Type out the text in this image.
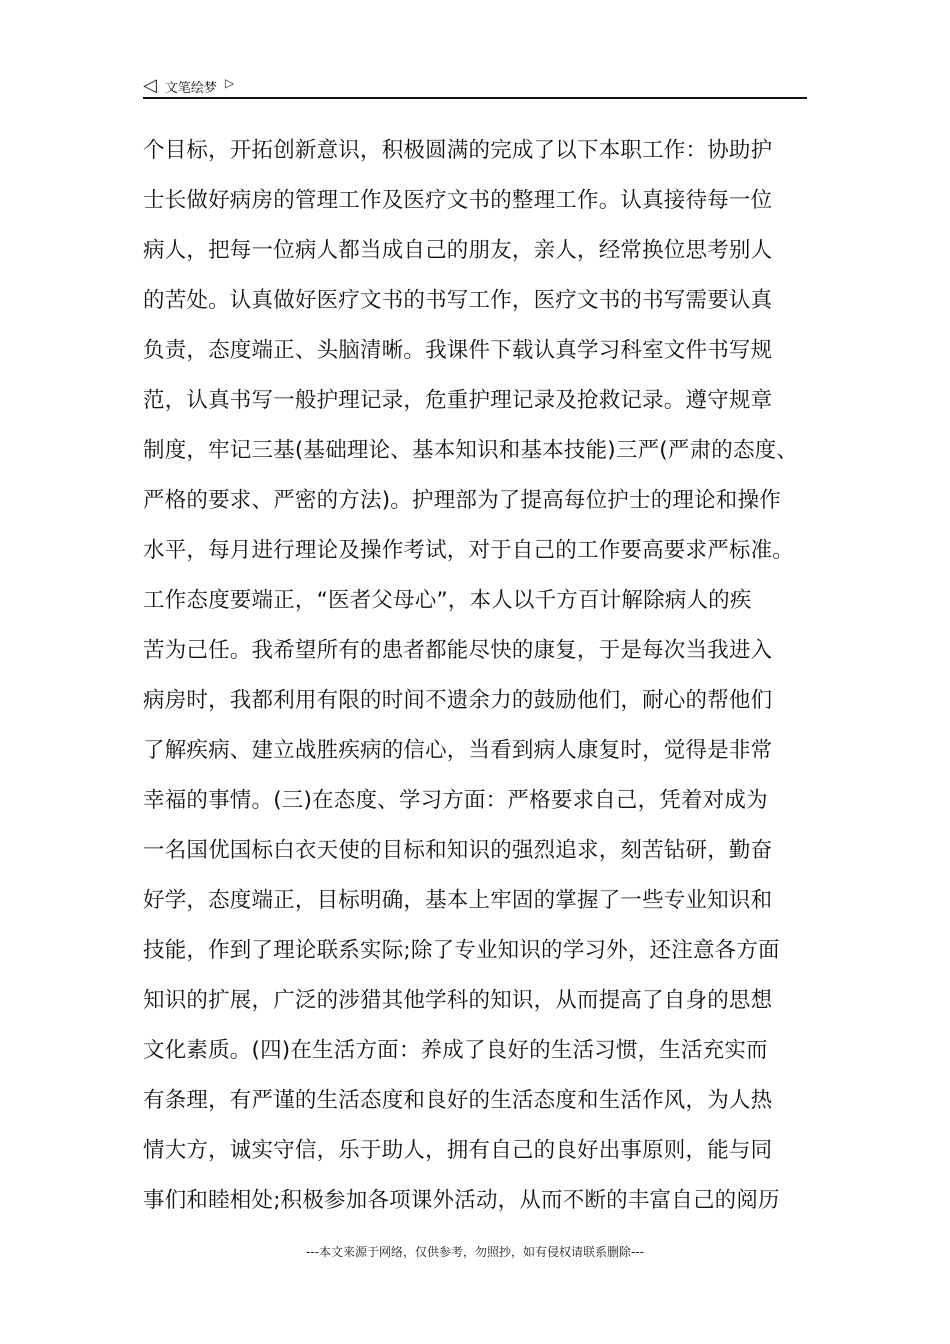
◁ 文笔绘梦 ▷
个目标，开拓创新意识，积极圆满的完成了以下本职工作：协助护
士长做好病房的管理工作及医疗文书的整理工作。认真接待每一位
病人，把每一位病人都当成自己的朋友，亲人，经常换位思考别人
的苦处。认真做好医疗文书的书写工作，医疗文书的书写需要认真
负责，态度端正、头脑清晰。我课件下载认真学习科室文件书写规
范，认真书写一般护理记录，危重护理记录及抢救记录。遵守规章
制度，牢记三基(基础理论、基本知识和基本技能)三严(严肃的态度、
严格的要求、严密的方法)。护理部为了提高每位护士的理论和操作
水平，每月进行理论及操作考试，对于自己的工作要高要求严标准。
工作态度要端正，“医者父母心”，本人以千方百计解除病人的疾
苦为己任。我希望所有的患者都能尽快的康复，于是每次当我进入
病房时，我都利用有限的时间不遗余力的鼓励他们，耐心的帮他们
了解疾病、建立战胜疾病的信心，当看到病人康复时，觉得是非常
幸福的事情。(三)在态度、学习方面：严格要求自己，凭着对成为
一名国优国标白衣天使的目标和知识的强烈追求，刻苦钻研，勤奋
好学，态度端正，目标明确，基本上牢固的掌握了一些专业知识和
技能，作到了理论联系实际;除了专业知识的学习外，还注意各方面
知识的扩展，广泛的涉猎其他学科的知识，从而提高了自身的思想
文化素质。(四)在生活方面：养成了良好的生活习惯，生活充实而
有条理，有严谨的生活态度和良好的生活态度和生活作风，为人热
情大方，诚实守信，乐于助人，拥有自己的良好出事原则，能与同
事们和睦相处;积极参加各项课外活动，从而不断的丰富自己的阅历
---本文来源于网络，仅供参考，勿照抄，如有侵权请联系删除---
